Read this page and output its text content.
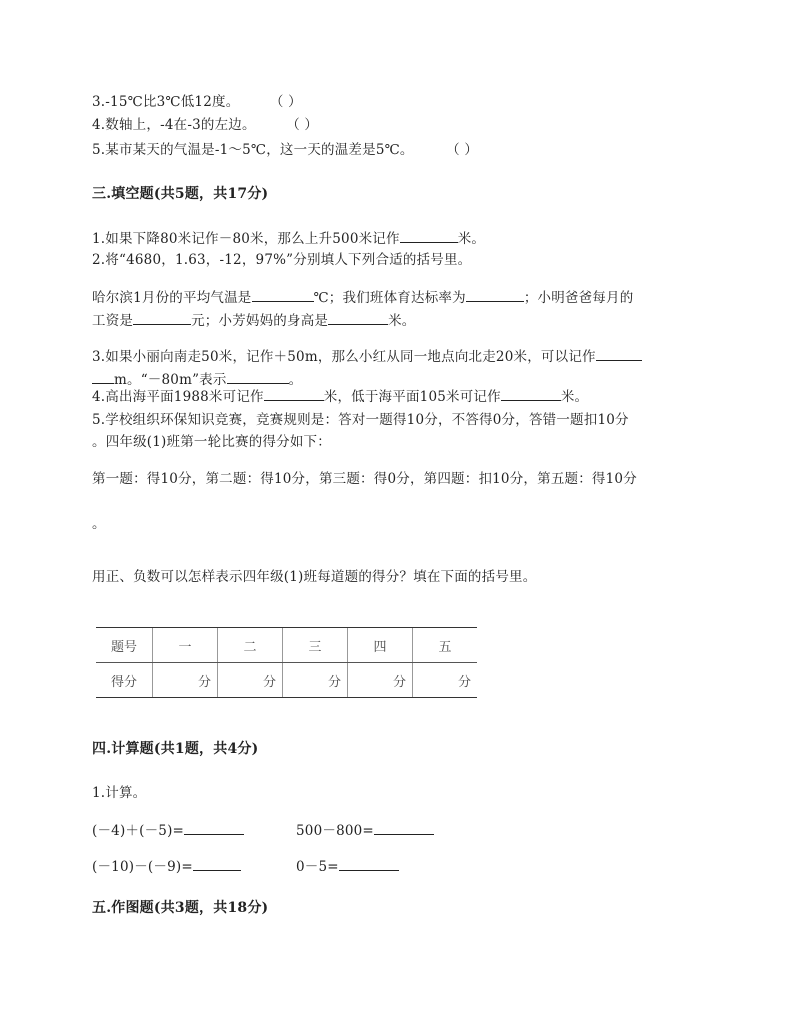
3.-15℃比3℃低12度。 （ ）
4.数轴上，-4在-3的左边。 （ ）
5.某市某天的气温是-1～5℃，这一天的温差是5℃。 （ ）
三.填空题(共5题，共17分)
1.如果下降80米记作－80米，那么上升500米记作	米。
2.将“4680，1.63，-12，97%”分别填人下列合适的括号里。
哈尔滨1月份的平均气温是	℃；我们班体育达标率为	；小明爸爸每月的
工资是	元；小芳妈妈的身高是	米。
3.如果小丽向南走50米，记作＋50m，那么小红从同一地点向北走20米，可以记作
m。“－80m”表示	。
4.高出海平面1988米可记作	米，低于海平面105米可记作	米。
5.学校组织环保知识竞赛，竞赛规则是：答对一题得10分，不答得0分，答错一题扣10分
。四年级(1)班第一轮比赛的得分如下：
第一题：得10分，第二题：得10分，第三题：得0分，第四题：扣10分，第五题：得10分
。
用正、负数可以怎样表示四年级(1)班每道题的得分？填在下面的括号里。
题号	一	二	三	四	五
得分	分	分	分	分	分
四.计算题(共1题，共4分)
1.计算。
(－4)＋(－5)=	500－800=
(－10)－(－9)=	0－5=
五.作图题(共3题，共18分)
